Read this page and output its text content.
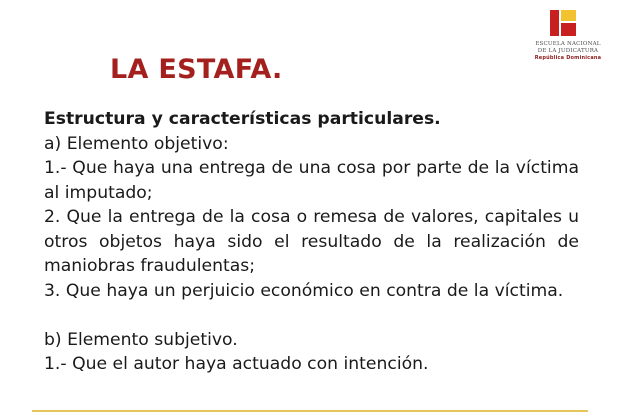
ESCUELA NACIONAL
DE LA JUDICATURA
República Dominicana
LA ESTAFA.

Estructura y características particulares.

a) Elemento objetivo:

1.- Que haya una entrega de una cosa por parte de la víctima al imputado;

2. Que la entrega de la cosa o remesa de valores, capitales u otros objetos haya sido el resultado de la realización de maniobras fraudulentas;

3. Que haya un perjuicio económico en contra de la víctima.

b) Elemento subjetivo.

1.- Que el autor haya actuado con intención.
